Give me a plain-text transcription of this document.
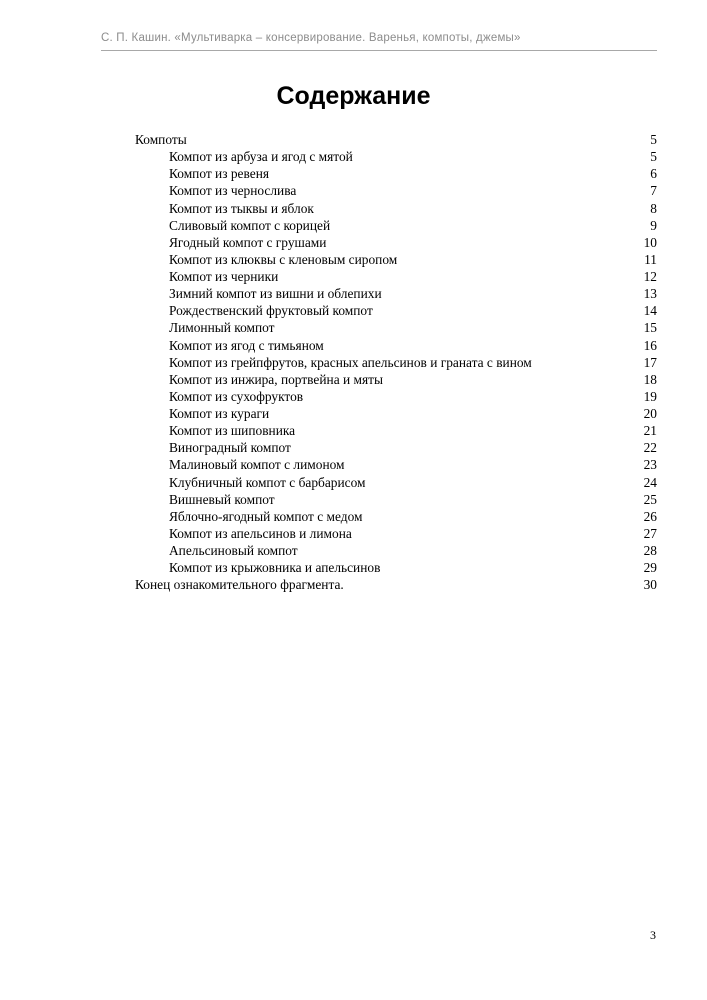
С. П. Кашин. «Мультиварка – консервирование. Варенья, компоты, джемы»
Содержание
Компоты	5
Компот из арбуза и ягод с мятой	5
Компот из ревеня	6
Компот из чернослива	7
Компот из тыквы и яблок	8
Сливовый компот с корицей	9
Ягодный компот с грушами	10
Компот из клюквы с кленовым сиропом	11
Компот из черники	12
Зимний компот из вишни и облепихи	13
Рождественский фруктовый компот	14
Лимонный компот	15
Компот из ягод с тимьяном	16
Компот из грейпфрутов, красных апельсинов и граната с вином	17
Компот из инжира, портвейна и мяты	18
Компот из сухофруктов	19
Компот из кураги	20
Компот из шиповника	21
Виноградный компот	22
Малиновый компот с лимоном	23
Клубничный компот с барбарисом	24
Вишневый компот	25
Яблочно-ягодный компот с медом	26
Компот из апельсинов и лимона	27
Апельсиновый компот	28
Компот из крыжовника и апельсинов	29
Конец ознакомительного фрагмента.	30
3
